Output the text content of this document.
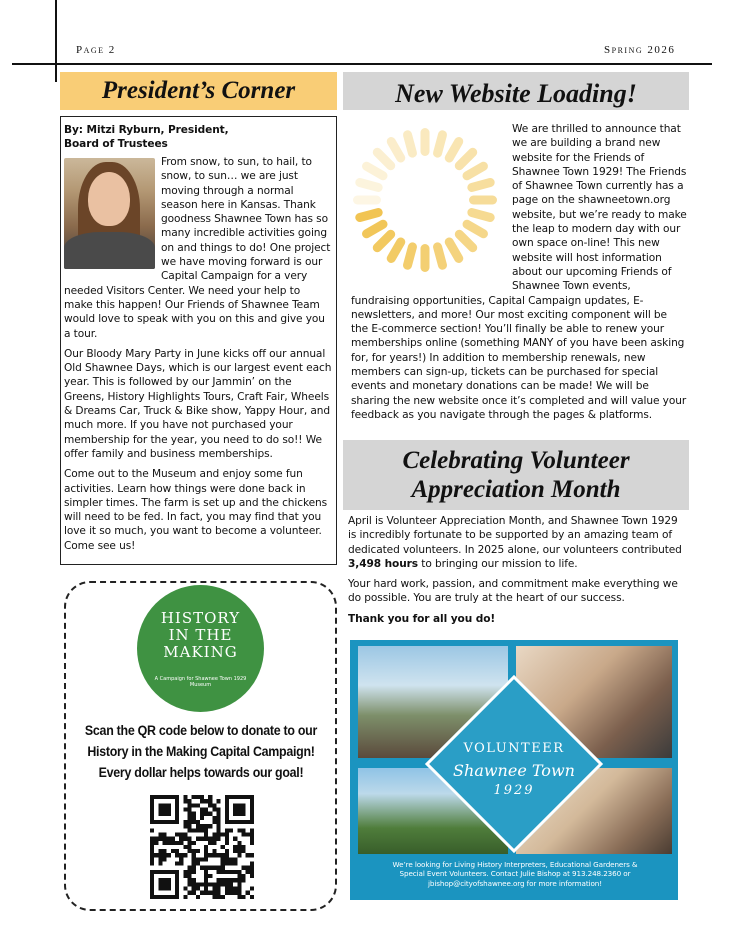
Page 2	Spring 2026
President’s Corner
By: Mitzi Ryburn, President,
Board of Trustees

From snow, to sun, to hail, to snow, to sun… we are just moving through a normal season here in Kansas. Thank goodness Shawnee Town has so many incredible activities going on and things to do! One project we have moving forward is our Capital Campaign for a very needed Visitors Center. We need your help to make this happen! Our Friends of Shawnee Team would love to speak with you on this and give you a tour.

Our Bloody Mary Party in June kicks off our annual Old Shawnee Days, which is our largest event each year. This is followed by our Jammin’ on the Greens, History Highlights Tours, Craft Fair, Wheels & Dreams Car, Truck & Bike show, Yappy Hour, and much more. If you have not purchased your membership for the year, you need to do so!! We offer family and business memberships.

Come out to the Museum and enjoy some fun activities. Learn how things were done back in simpler times. The farm is set up and the chickens will need to be fed. In fact, you may find that you love it so much, you want to become a volunteer. Come see us!

HISTORY
IN THE
MAKING
A Campaign for Shawnee Town 1929 Museum
Scan the QR code below to donate to our History in the Making Capital Campaign! Every dollar helps towards our goal!
New Website Loading!

We are thrilled to announce that we are building a brand new website for the Friends of Shawnee Town 1929! The Friends of Shawnee Town currently has a page on the shawneetown.org website, but we’re ready to make the leap to modern day with our own space on-line! This new website will host information about our upcoming Friends of Shawnee Town events, fundraising opportunities, Capital Campaign updates, E-newsletters, and more! Our most exciting component will be the E-commerce section! You’ll finally be able to renew your memberships online (something MANY of you have been asking for, for years!) In addition to membership renewals, new members can sign-up, tickets can be purchased for special events and monetary donations can be made! We will be sharing the new website once it’s completed and will value your feedback as you navigate through the pages & platforms.

Celebrating Volunteer
Appreciation Month

April is Volunteer Appreciation Month, and Shawnee Town 1929 is incredibly fortunate to be supported by an amazing team of dedicated volunteers. In 2025 alone, our volunteers contributed 3,498 hours to bringing our mission to life.

Your hard work, passion, and commitment make everything we do possible. You are truly at the heart of our success.

Thank you for all you do!

VOLUNTEER
Shawnee Town
1929
We’re looking for Living History Interpreters, Educational Gardeners & Special Event Volunteers. Contact Julie Bishop at 913.248.2360 or jbishop@cityofshawnee.org for more information!
